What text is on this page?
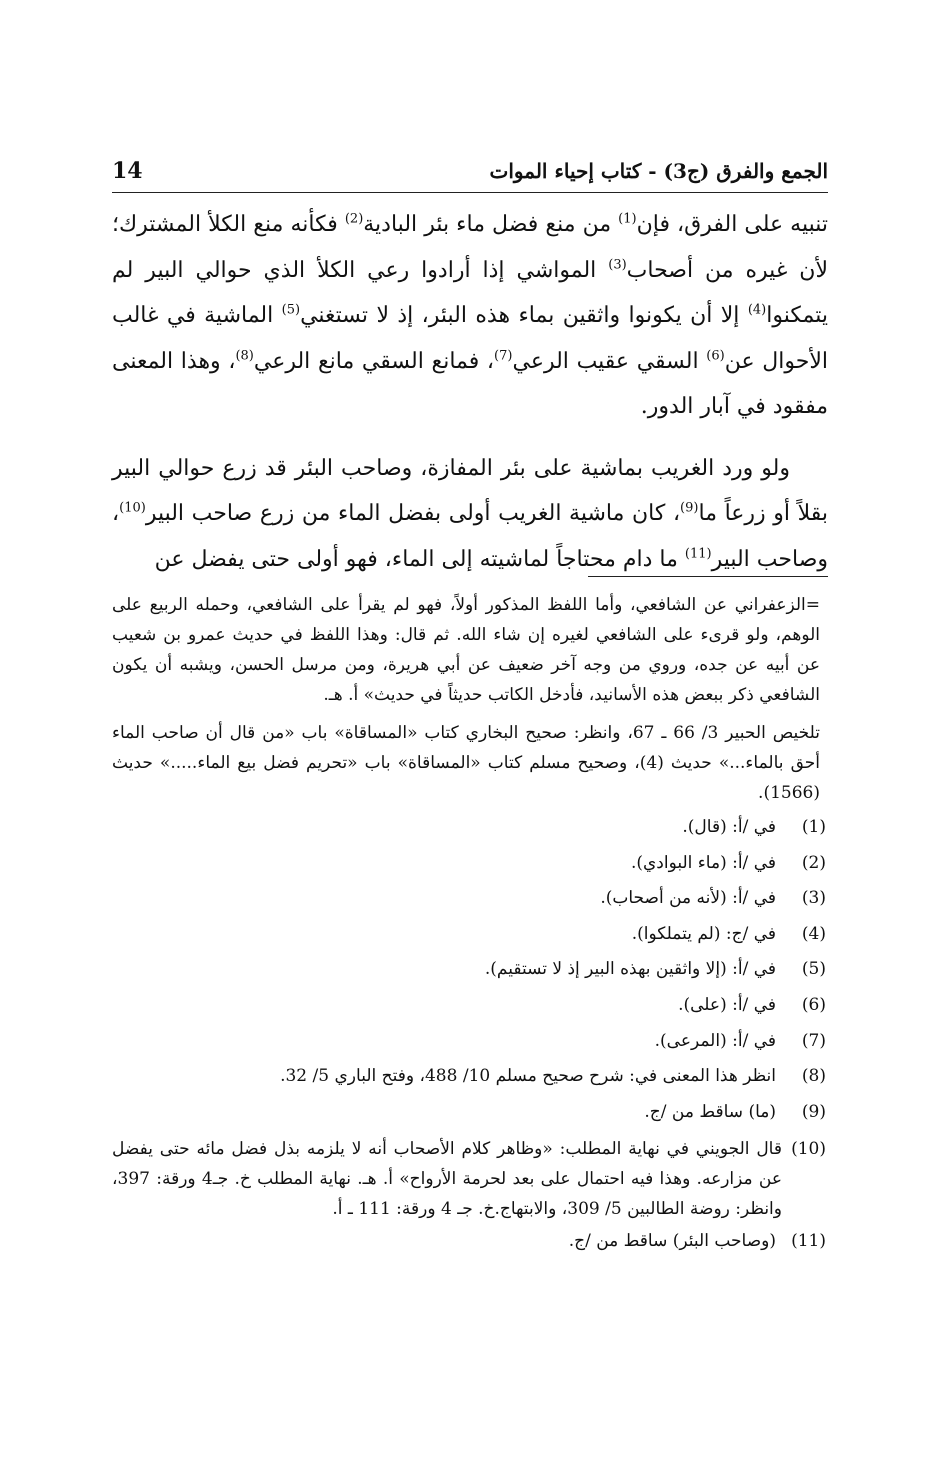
الجمع والفرق (ج3) - كتاب إحياء الموات
14

تنبيه على الفرق، فإن$^{(1)}$ من منع فضل ماء بئر البادية$^{(2)}$ فكأنه منع الكلأ المشترك؛ لأن غيره من أصحاب$^{(3)}$ المواشي إذا أرادوا رعي الكلأ الذي حوالي البير لم يتمكنوا$^{(4)}$ إلا أن يكونوا واثقين بماء هذه البئر، إذ لا تستغني$^{(5)}$ الماشية في غالب الأحوال عن$^{(6)}$ السقي عقيب الرعي$^{(7)}$، فمانع السقي مانع الرعي$^{(8)}$، وهذا المعنى مفقود في آبار الدور.

ولو ورد الغريب بماشية على بئر المفازة، وصاحب البئر قد زرع حوالي البير بقلاً أو زرعاً ما$^{(9)}$، كان ماشية الغريب أولى بفضل الماء من زرع صاحب البير$^{(10)}$، وصاحب البير$^{(11)}$ ما دام محتاجاً لماشيته إلى الماء، فهو أولى حتى يفضل عن

=الزعفراني عن الشافعي، وأما اللفظ المذكور أولاً، فهو لم يقرأ على الشافعي، وحمله الربيع على الوهم، ولو قرىء على الشافعي لغيره إن شاء الله. ثم قال: وهذا اللفظ في حديث عمرو بن شعيب عن أبيه عن جده، وروي من وجه آخر ضعيف عن أبي هريرة، ومن مرسل الحسن، ويشبه أن يكون الشافعي ذكر ببعض هذه الأسانيد، فأدخل الكاتب حديثاً في حديث» أ. هـ.

تلخيص الحبير 3/ 66 ـ 67، وانظر: صحيح البخاري كتاب «المساقاة» باب «من قال أن صاحب الماء أحق بالماء...» حديث (4)، وصحيح مسلم كتاب «المساقاة» باب «تحريم فضل بيع الماء.....» حديث (1566).

(1)
في /أ: (قال).
(2)
في /أ: (ماء البوادي).
(3)
في /أ: (لأنه من أصحاب).
(4)
في /ج: (لم يتملكوا).
(5)
في /أ: (إلا واثقين بهذه البير إذ لا تستقيم).
(6)
في /أ: (على).
(7)
في /أ: (المرعى).
(8)
انظر هذا المعنى في: شرح صحيح مسلم 10/ 488، وفتح الباري 5/ 32.
(9)
(ما) ساقط من /ج.
(10)
قال الجويني في نهاية المطلب: «وظاهر كلام الأصحاب أنه لا يلزمه بذل فضل مائه حتى يفضل عن مزارعه. وهذا فيه احتمال على بعد لحرمة الأرواح» أ. هـ. نهاية المطلب خ. جـ4 ورقة: 397، وانظر: روضة الطالبين 5/ 309، والابتهاج.خ. جـ 4 ورقة: 111 ـ أ.
(11)
(وصاحب البئر) ساقط من /ج.
